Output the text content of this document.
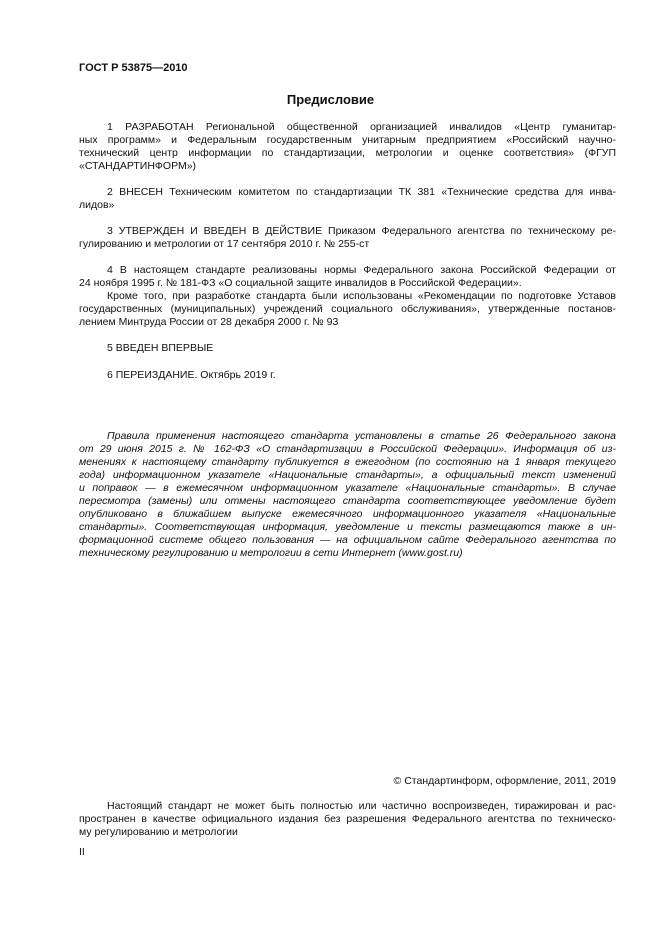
ГОСТ Р 53875—2010
Предисловие
1 РАЗРАБОТАН Региональной общественной организацией инвалидов «Центр гуманитар-
ных программ» и Федеральным государственным унитарным предприятием «Российский научно-
технический центр информации по стандартизации, метрологии и оценке соответствия» (ФГУП
«СТАНДАРТИНФОРМ»)
2 ВНЕСЕН Техническим комитетом по стандартизации ТК 381 «Технические средства для инва-
лидов»
3 УТВЕРЖДЕН И ВВЕДЕН В ДЕЙСТВИЕ Приказом Федерального агентства по техническому ре-
гулированию и метрологии от 17 сентября 2010 г. № 255-ст
4 В настоящем стандарте реализованы нормы Федерального закона Российской Федерации от
24 ноября 1995 г. № 181-ФЗ «О социальной защите инвалидов в Российской Федерации».
Кроме того, при разработке стандарта были использованы «Рекомендации по подготовке Уставов
государственных (муниципальных) учреждений социального обслуживания», утвержденные постанов-
лением Минтруда России от 28 декабря 2000 г. № 93
5 ВВЕДЕН ВПЕРВЫЕ
6 ПЕРЕИЗДАНИЕ. Октябрь 2019 г.
Правила применения настоящего стандарта установлены в статье 26 Федерального закона
от 29 июня 2015 г. № 162-ФЗ «О стандартизации в Российской Федерации». Информация об из-
менениях к настоящему стандарту публикуется в ежегодном (по состоянию на 1 января текущего
года) информационном указателе «Национальные стандарты», а официальный текст изменений
и поправок — в ежемесячном информационном указателе «Национальные стандарты». В случае
пересмотра (замены) или отмены настоящего стандарта соответствующее уведомление будет
опубликовано в ближайшем выпуске ежемесячного информационного указателя «Национальные
стандарты». Соответствующая информация, уведомление и тексты размещаются также в ин-
формационной системе общего пользования — на официальном сайте Федерального агентства по
техническому регулированию и метрологии в сети Интернет (www.gost.ru)
© Стандартинформ, оформление, 2011, 2019
Настоящий стандарт не может быть полностью или частично воспроизведен, тиражирован и рас-
пространен в качестве официального издания без разрешения Федерального агентства по техническо-
му регулированию и метрологии
II
